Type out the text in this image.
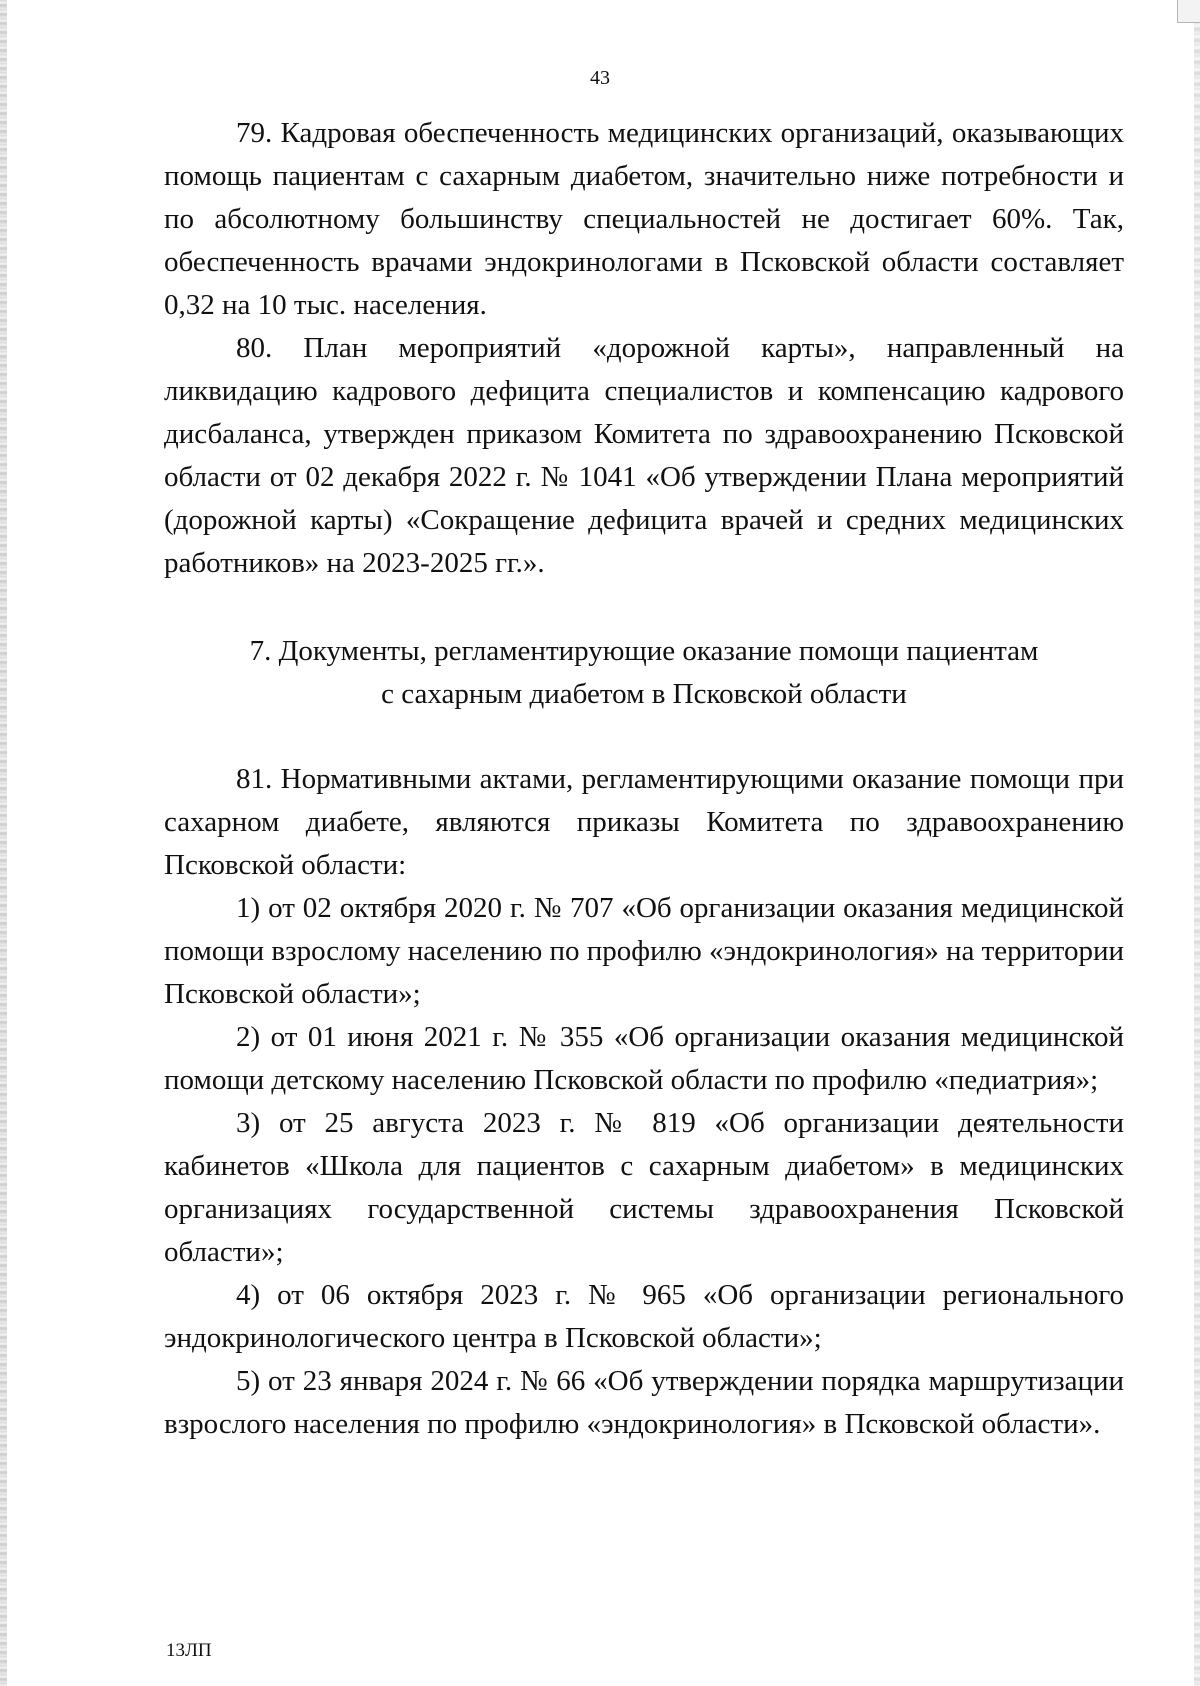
43

79. Кадровая обеспеченность медицинских организаций, оказывающих помощь пациентам с сахарным диабетом, значительно ниже потребности и по абсолютному большинству специальностей не достигает 60%. Так, обеспеченность врачами эндокринологами в Псковской области составляет 0,32 на 10 тыс. населения.

80. План мероприятий «дорожной карты», направленный на ликвидацию кадрового дефицита специалистов и компенсацию кадрового дисбаланса, утвержден приказом Комитета по здравоохранению Псковской области от 02 декабря 2022 г. № 1041 «Об утверждении Плана мероприятий (дорожной карты) «Сокращение дефицита врачей и средних медицинских работников» на 2023-2025 гг.».

7. Документы, регламентирующие оказание помощи пациентам
с сахарным диабетом в Псковской области

81. Нормативными актами, регламентирующими оказание помощи при сахарном диабете, являются приказы Комитета по здравоохранению Псковской области:

1) от 02 октября 2020 г. № 707 «Об организации оказания медицинской помощи взрослому населению по профилю «эндокринология» на территории Псковской области»;

2) от 01 июня 2021 г. № 355 «Об организации оказания медицинской помощи детскому населению Псковской области по профилю «педиатрия»;

3) от 25 августа 2023 г. № 819 «Об организации деятельности кабинетов «Школа для пациентов с сахарным диабетом» в медицинских организациях государственной системы здравоохранения Псковской области»;

4) от 06 октября 2023 г. № 965 «Об организации регионального эндокринологического центра в Псковской области»;

5) от 23 января 2024 г. № 66 «Об утверждении порядка маршрутизации взрослого населения по профилю «эндокринология» в Псковской области».

13ЛП
